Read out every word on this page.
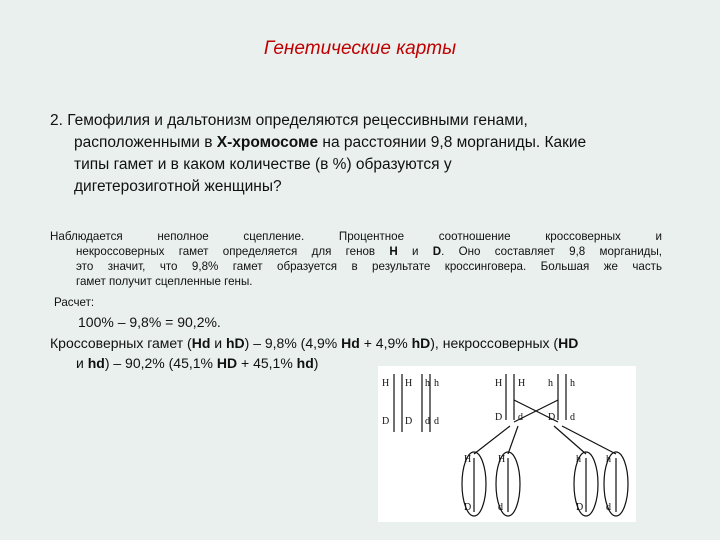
Генетические карты
2. Гемофилия и дальтонизм определяются рецессивными генами,
расположенными в Х-хромосоме на расстоянии 9,8 морганиды. Какие
типы гамет и в каком количестве (в %) образуются у
дигетерозиготной женщины?
Наблюдается неполное сцепление. Процентное соотношение кроссоверных и
некроссоверных гамет определяется для генов Н и D. Оно составляет 9,8 морганиды,
это значит, что 9,8% гамет образуется в результате кроссинговера. Большая же часть
гамет получит сцепленные гены.
Расчет:
100% – 9,8% = 90,2%.
Кроссоверных гамет (Hd и hD) – 9,8% (4,9% Hd + 4,9% hD), некроссоверных (HD
и hd) – 90,2% (45,1% HD + 45,1% hd)
H H h h
D D d d
H H h h
D d	D d
H	H	h	h
D	d	D d
